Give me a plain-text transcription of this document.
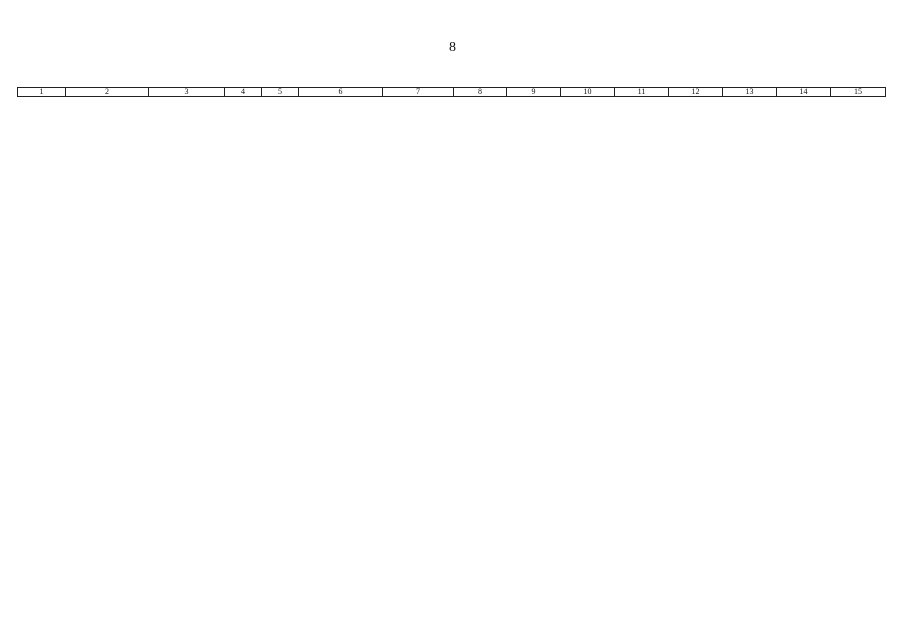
8
1	2	3	4	5	6	7	8	9	10	11	12	13	14	15
